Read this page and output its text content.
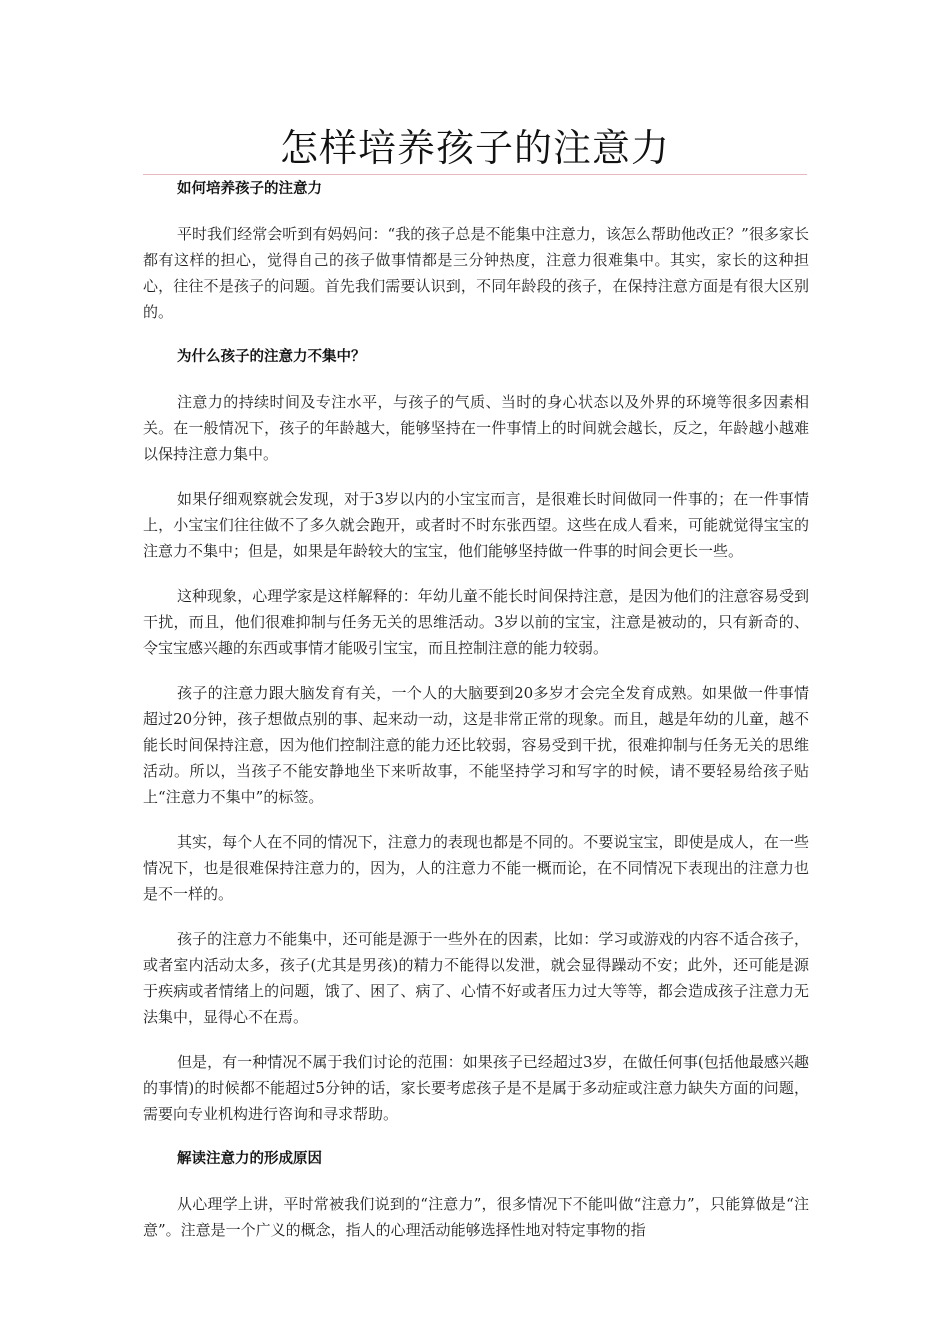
怎样培养孩子的注意力

如何培养孩子的注意力

平时我们经常会听到有妈妈问：“我的孩子总是不能集中注意力，该怎么帮助他改正？”很多家长都有这样的担心，觉得自己的孩子做事情都是三分钟热度，注意力很难集中。其实，家长的这种担心，往往不是孩子的问题。首先我们需要认识到，不同年龄段的孩子，在保持注意方面是有很大区别的。

为什么孩子的注意力不集中？

注意力的持续时间及专注水平，与孩子的气质、当时的身心状态以及外界的环境等很多因素相关。在一般情况下，孩子的年龄越大，能够坚持在一件事情上的时间就会越长，反之，年龄越小越难以保持注意力集中。

如果仔细观察就会发现，对于3岁以内的小宝宝而言，是很难长时间做同一件事的；在一件事情上，小宝宝们往往做不了多久就会跑开，或者时不时东张西望。这些在成人看来，可能就觉得宝宝的注意力不集中；但是，如果是年龄较大的宝宝，他们能够坚持做一件事的时间会更长一些。

这种现象，心理学家是这样解释的：年幼儿童不能长时间保持注意，是因为他们的注意容易受到干扰，而且，他们很难抑制与任务无关的思维活动。3岁以前的宝宝，注意是被动的，只有新奇的、令宝宝感兴趣的东西或事情才能吸引宝宝，而且控制注意的能力较弱。

孩子的注意力跟大脑发育有关，一个人的大脑要到20多岁才会完全发育成熟。如果做一件事情超过20分钟，孩子想做点别的事、起来动一动，这是非常正常的现象。而且，越是年幼的儿童，越不能长时间保持注意，因为他们控制注意的能力还比较弱，容易受到干扰，很难抑制与任务无关的思维活动。所以，当孩子不能安静地坐下来听故事，不能坚持学习和写字的时候，请不要轻易给孩子贴上“注意力不集中”的标签。

其实，每个人在不同的情况下，注意力的表现也都是不同的。不要说宝宝，即使是成人，在一些情况下，也是很难保持注意力的，因为，人的注意力不能一概而论，在不同情况下表现出的注意力也是不一样的。

孩子的注意力不能集中，还可能是源于一些外在的因素，比如：学习或游戏的内容不适合孩子，或者室内活动太多，孩子(尤其是男孩)的精力不能得以发泄，就会显得躁动不安；此外，还可能是源于疾病或者情绪上的问题，饿了、困了、病了、心情不好或者压力过大等等，都会造成孩子注意力无法集中，显得心不在焉。

但是，有一种情况不属于我们讨论的范围：如果孩子已经超过3岁，在做任何事(包括他最感兴趣的事情)的时候都不能超过5分钟的话，家长要考虑孩子是不是属于多动症或注意力缺失方面的问题，需要向专业机构进行咨询和寻求帮助。

解读注意力的形成原因

从心理学上讲，平时常被我们说到的“注意力”，很多情况下不能叫做“注意力”，只能算做是“注意”。注意是一个广义的概念，指人的心理活动能够选择性地对特定事物的指
